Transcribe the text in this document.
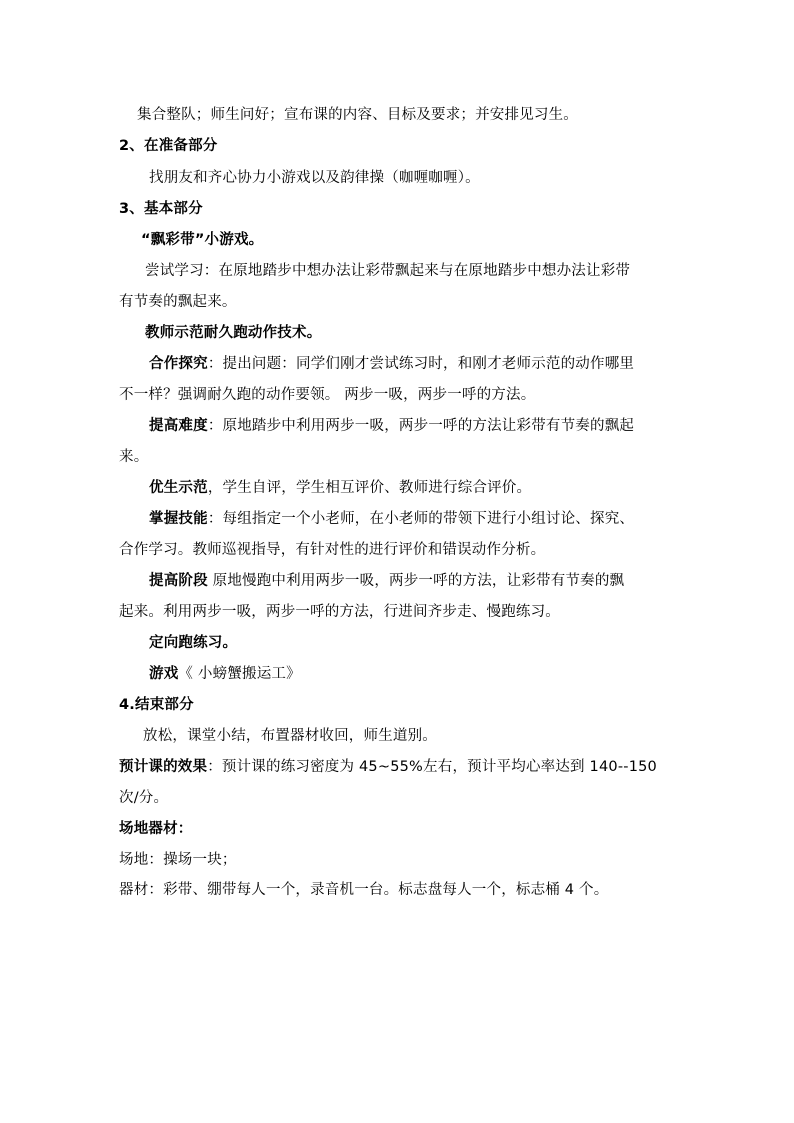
集合整队；师生问好；宣布课的内容、目标及要求；并安排见习生。
2、在准备部分
找朋友和齐心协力小游戏以及韵律操（咖喱咖喱）。
3、基本部分
“飘彩带”小游戏。
尝试学习：在原地踏步中想办法让彩带飘起来与在原地踏步中想办法让彩带
有节奏的飘起来。
教师示范耐久跑动作技术。
合作探究：提出问题：同学们刚才尝试练习时，和刚才老师示范的动作哪里
不一样？强调耐久跑的动作要领。 两步一吸，两步一呼的方法。
提高难度：原地踏步中利用两步一吸，两步一呼的方法让彩带有节奏的飘起
来。
优生示范，学生自评，学生相互评价、教师进行综合评价。
掌握技能：每组指定一个小老师，在小老师的带领下进行小组讨论、探究、
合作学习。教师巡视指导，有针对性的进行评价和错误动作分析。
提高阶段 原地慢跑中利用两步一吸，两步一呼的方法，让彩带有节奏的飘
起来。利用两步一吸，两步一呼的方法，行进间齐步走、慢跑练习。
定向跑练习。
游戏《 小螃蟹搬运工》
4.结束部分
放松，课堂小结，布置器材收回，师生道别。
预计课的效果：预计课的练习密度为 45~55%左右，预计平均心率达到 140--150
次/分。
场地器材：
场地：操场一块；
器材：彩带、绷带每人一个，录音机一台。标志盘每人一个，标志桶 4 个。
